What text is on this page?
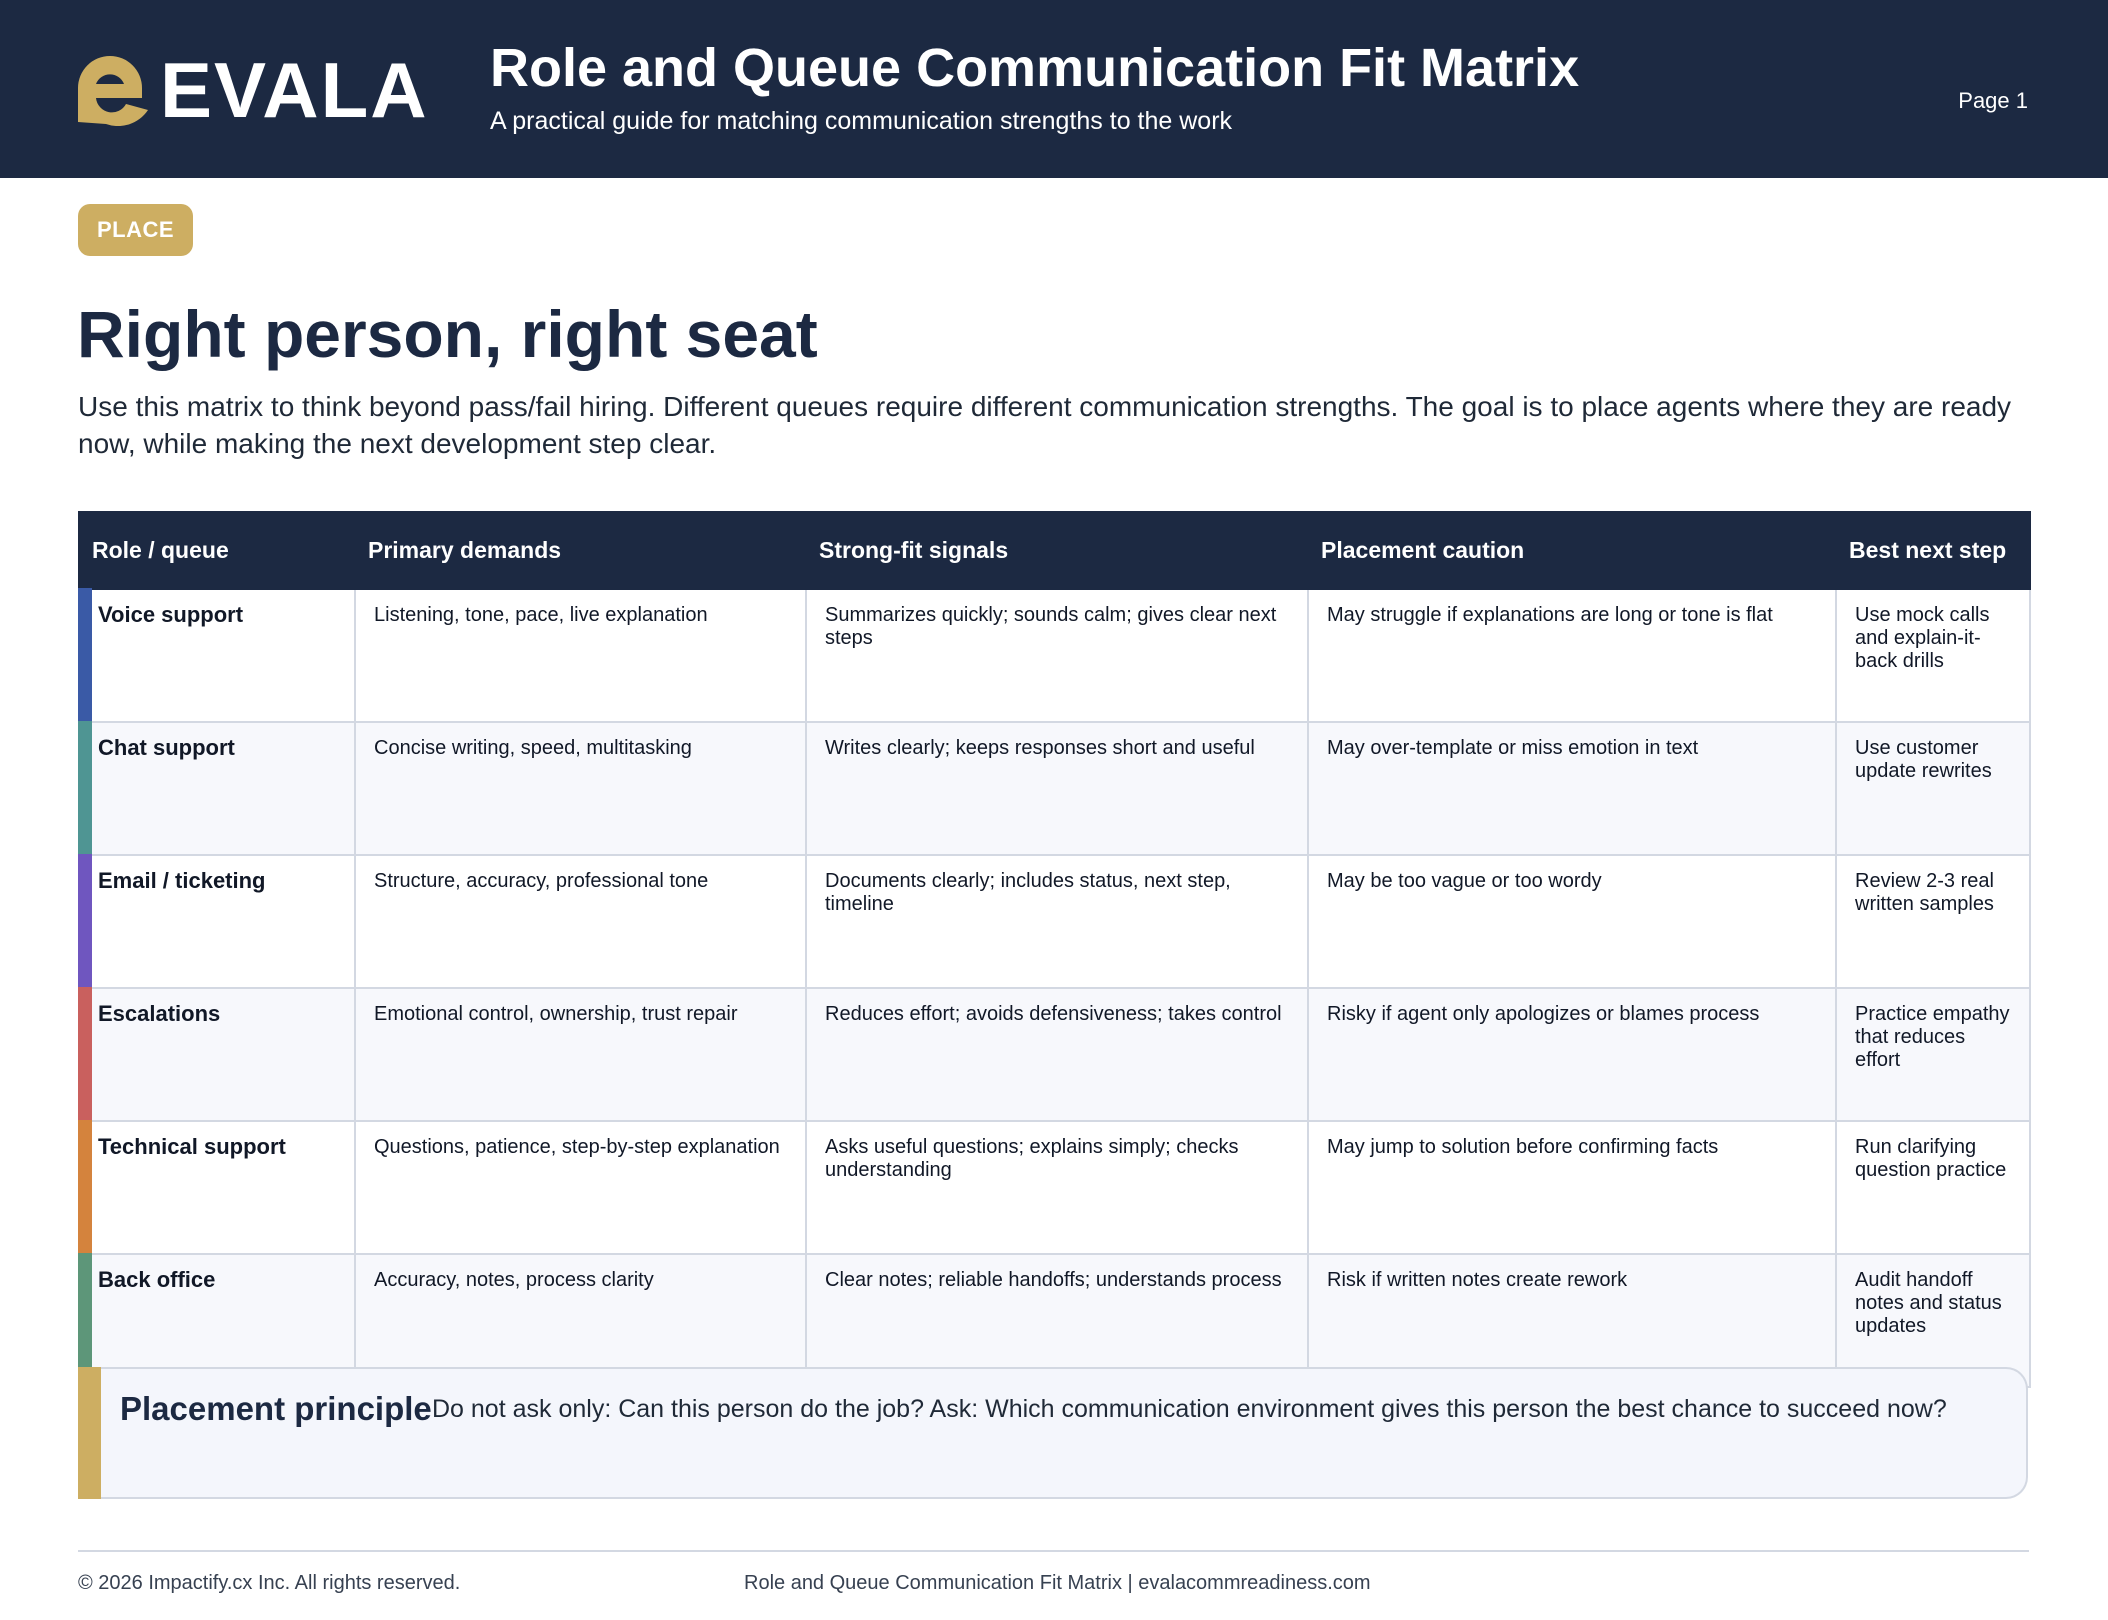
EVALA Role and Queue Communication Fit Matrix
A practical guide for matching communication strengths to the work
Page 1
PLACE
Right person, right seat
Use this matrix to think beyond pass/fail hiring. Different queues require different communication strengths. The goal is to place agents where they are ready now, while making the next development step clear.
Role / queue	Primary demands	Strong-fit signals	Placement caution	Best next step

Voice support	Listening, tone, pace, live explanation	Summarizes quickly; sounds calm; gives clear next steps	May struggle if explanations are long or tone is flat	Use mock calls and explain-it-back drills

Chat support	Concise writing, speed, multitasking	Writes clearly; keeps responses short and useful	May over-template or miss emotion in text	Use customer update rewrites

Email / ticketing	Structure, accuracy, professional tone	Documents clearly; includes status, next step, timeline	May be too vague or too wordy	Review 2-3 real written samples

Escalations	Emotional control, ownership, trust repair	Reduces effort; avoids defensiveness; takes control	Risky if agent only apologizes or blames process	Practice empathy that reduces effort

Technical support	Questions, patience, step-by-step explanation	Asks useful questions; explains simply; checks understanding	May jump to solution before confirming facts	Run clarifying question practice

Back office	Accuracy, notes, process clarity	Clear notes; reliable handoffs; understands process	Risk if written notes create rework	Audit handoff notes and status updates
Placement principle Do not ask only: Can this person do the job? Ask: Which communication environment gives this person the best chance to succeed now?
© 2026 Impactify.cx Inc. All rights reserved.	Role and Queue Communication Fit Matrix | evalacommreadiness.com
